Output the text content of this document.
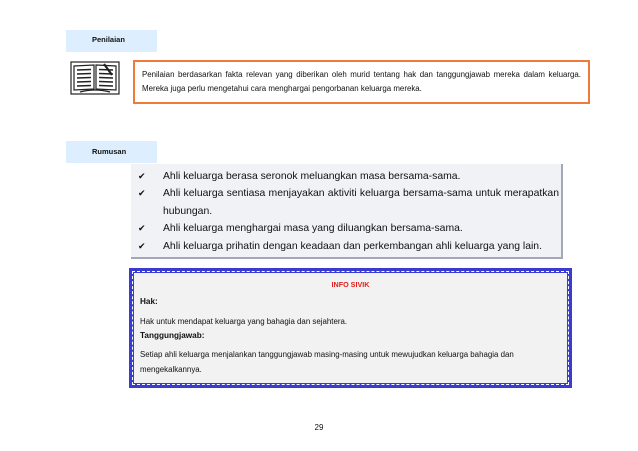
Penilaian
Penilaian berdasarkan fakta relevan yang diberikan oleh murid tentang hak dan tanggungjawab mereka dalam keluarga. Mereka juga perlu mengetahui cara menghargai pengorbanan keluarga mereka.
Rumusan
✔ Ahli keluarga berasa seronok meluangkan masa bersama-sama.
✔ Ahli keluarga sentiasa menjayakan aktiviti keluarga bersama-sama untuk merapatkan hubungan.
✔ Ahli keluarga menghargai masa yang diluangkan bersama-sama.
✔ Ahli keluarga prihatin dengan keadaan dan perkembangan ahli keluarga yang lain.
INFO SIVIK
Hak:
Hak untuk mendapat keluarga yang bahagia dan sejahtera.
Tanggungjawab:
Setiap ahli keluarga menjalankan tanggungjawab masing-masing untuk mewujudkan keluarga bahagia dan mengekalkannya.
29
